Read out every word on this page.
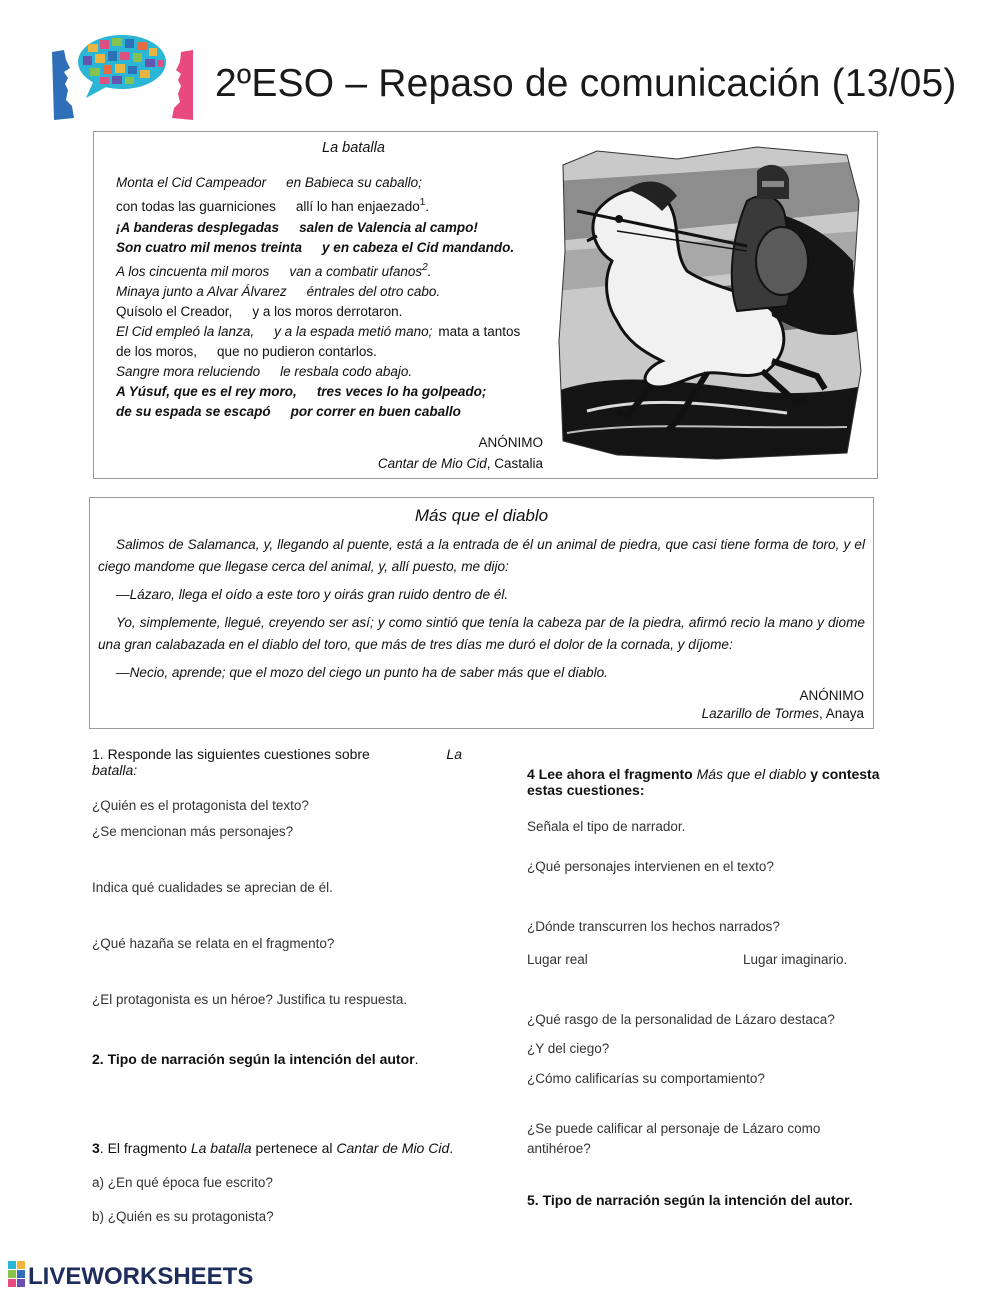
2ºESO – Repaso de comunicación (13/05)
La batalla
Monta el Cid Campeador en Babieca su caballo;
con todas las guarniciones allí lo han enjaezado$^1$.
¡A banderas desplegadas salen de Valencia al campo!
Son cuatro mil menos treinta y en cabeza el Cid mandando.
A los cincuenta mil moros van a combatir ufanos$^2$.
Minaya junto a Alvar Álvarez éntrales del otro cabo.
Quísolo el Creador, y a los moros derrotaron.
El Cid empleó la lanza, y a la espada metió mano; mata a tantos
de los moros, que no pudieron contarlos.
Sangre mora reluciendo le resbala codo abajo.
A Yúsuf, que es el rey moro, tres veces lo ha golpeado;
de su espada se escapó por correr en buen caballo
ANÓNIMO
Cantar de Mio Cid, Castalia
Más que el diablo
Salimos de Salamanca, y, llegando al puente, está a la entrada de él un animal de piedra, que casi tiene forma de toro, y el ciego mandome que llegase cerca del animal, y, allí puesto, me dijo:
—Lázaro, llega el oído a este toro y oirás gran ruido dentro de él.
Yo, simplemente, llegué, creyendo ser así; y como sintió que tenía la cabeza par de la piedra, afirmó recio la mano y diome una gran calabazada en el diablo del toro, que más de tres días me duró el dolor de la cornada, y díjome:
—Necio, aprende; que el mozo del ciego un punto ha de saber más que el diablo.
ANÓNIMO
Lazarillo de Tormes, Anaya
1. Responde las siguientes cuestiones sobre	La
batalla:
¿Quién es el protagonista del texto?
¿Se mencionan más personajes?
Indica qué cualidades se aprecian de él.
¿Qué hazaña se relata en el fragmento?
¿El protagonista es un héroe? Justifica tu respuesta.
2. Tipo de narración según la intención del autor.
3. El fragmento La batalla pertenece al Cantar de Mio Cid.
a) ¿En qué época fue escrito?
b) ¿Quién es su protagonista?
4 Lee ahora el fragmento Más que el diablo y contesta
estas cuestiones:
Señala el tipo de narrador.
¿Qué personajes intervienen en el texto?
¿Dónde transcurren los hechos narrados?
Lugar real	Lugar imaginario.
¿Qué rasgo de la personalidad de Lázaro destaca?
¿Y del ciego?
¿Cómo calificarías su comportamiento?
¿Se puede calificar al personaje de Lázaro como
antihéroe?
5. Tipo de narración según la intención del autor.
LIVEWORKSHEETS
